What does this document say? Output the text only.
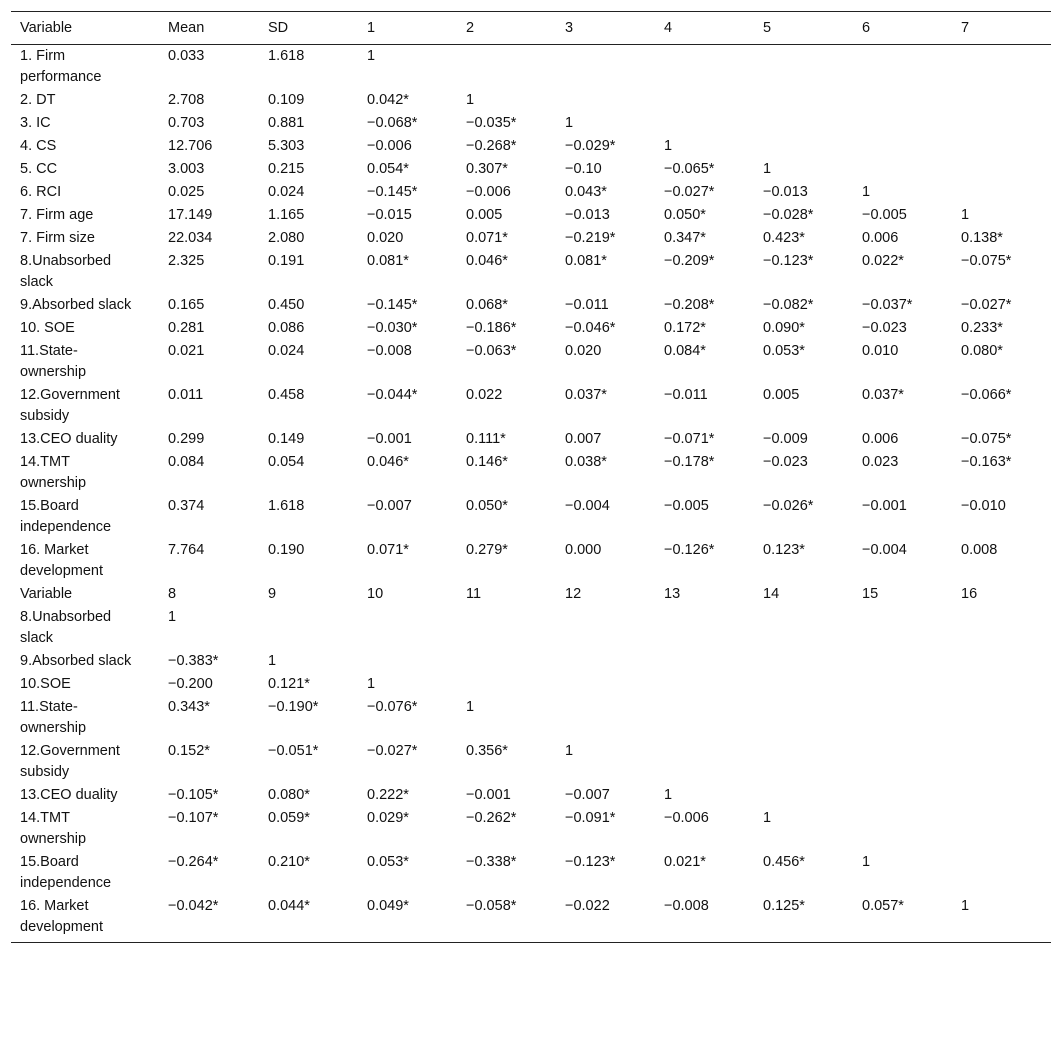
Variable	Mean	SD	1	2	3	4	5	6	7

1. Firm performance	0.033	1.618	1						

2. DT	2.708	0.109	0.042*	1					

3. IC	0.703	0.881	−0.068*	−0.035*	1				

4. CS	12.706	5.303	−0.006	−0.268*	−0.029*	1			

5. CC	3.003	0.215	0.054*	0.307*	−0.10	−0.065*	1		

6. RCI	0.025	0.024	−0.145*	−0.006	0.043*	−0.027*	−0.013	1	

7. Firm age	17.149	1.165	−0.015	0.005	−0.013	0.050*	−0.028*	−0.005	1

7. Firm size	22.034	2.080	0.020	0.071*	−0.219*	0.347*	0.423*	0.006	0.138*

8.Unabsorbed slack	2.325	0.191	0.081*	0.046*	0.081*	−0.209*	−0.123*	0.022*	−0.075*

9.Absorbed slack	0.165	0.450	−0.145*	0.068*	−0.011	−0.208*	−0.082*	−0.037*	−0.027*

10. SOE	0.281	0.086	−0.030*	−0.186*	−0.046*	0.172*	0.090*	−0.023	0.233*

11.State-ownership	0.021	0.024	−0.008	−0.063*	0.020	0.084*	0.053*	0.010	0.080*

12.Government subsidy	0.011	0.458	−0.044*	0.022	0.037*	−0.011	0.005	0.037*	−0.066*

13.CEO duality	0.299	0.149	−0.001	0.111*	0.007	−0.071*	−0.009	0.006	−0.075*

14.TMT ownership	0.084	0.054	0.046*	0.146*	0.038*	−0.178*	−0.023	0.023	−0.163*

15.Board independence	0.374	1.618	−0.007	0.050*	−0.004	−0.005	−0.026*	−0.001	−0.010

16. Market development	7.764	0.190	0.071*	0.279*	0.000	−0.126*	0.123*	−0.004	0.008

Variable	8	9	10	11	12	13	14	15	16

8.Unabsorbed slack	1								

9.Absorbed slack	−0.383*	1							

10.SOE	−0.200	0.121*	1						

11.State-ownership	0.343*	−0.190*	−0.076*	1					

12.Government subsidy	0.152*	−0.051*	−0.027*	0.356*	1				

13.CEO duality	−0.105*	0.080*	0.222*	−0.001	−0.007	1			

14.TMT ownership	−0.107*	0.059*	0.029*	−0.262*	−0.091*	−0.006	1		

15.Board independence	−0.264*	0.210*	0.053*	−0.338*	−0.123*	0.021*	0.456*	1	

16. Market development	−0.042*	0.044*	0.049*	−0.058*	−0.022	−0.008	0.125*	0.057*	1
